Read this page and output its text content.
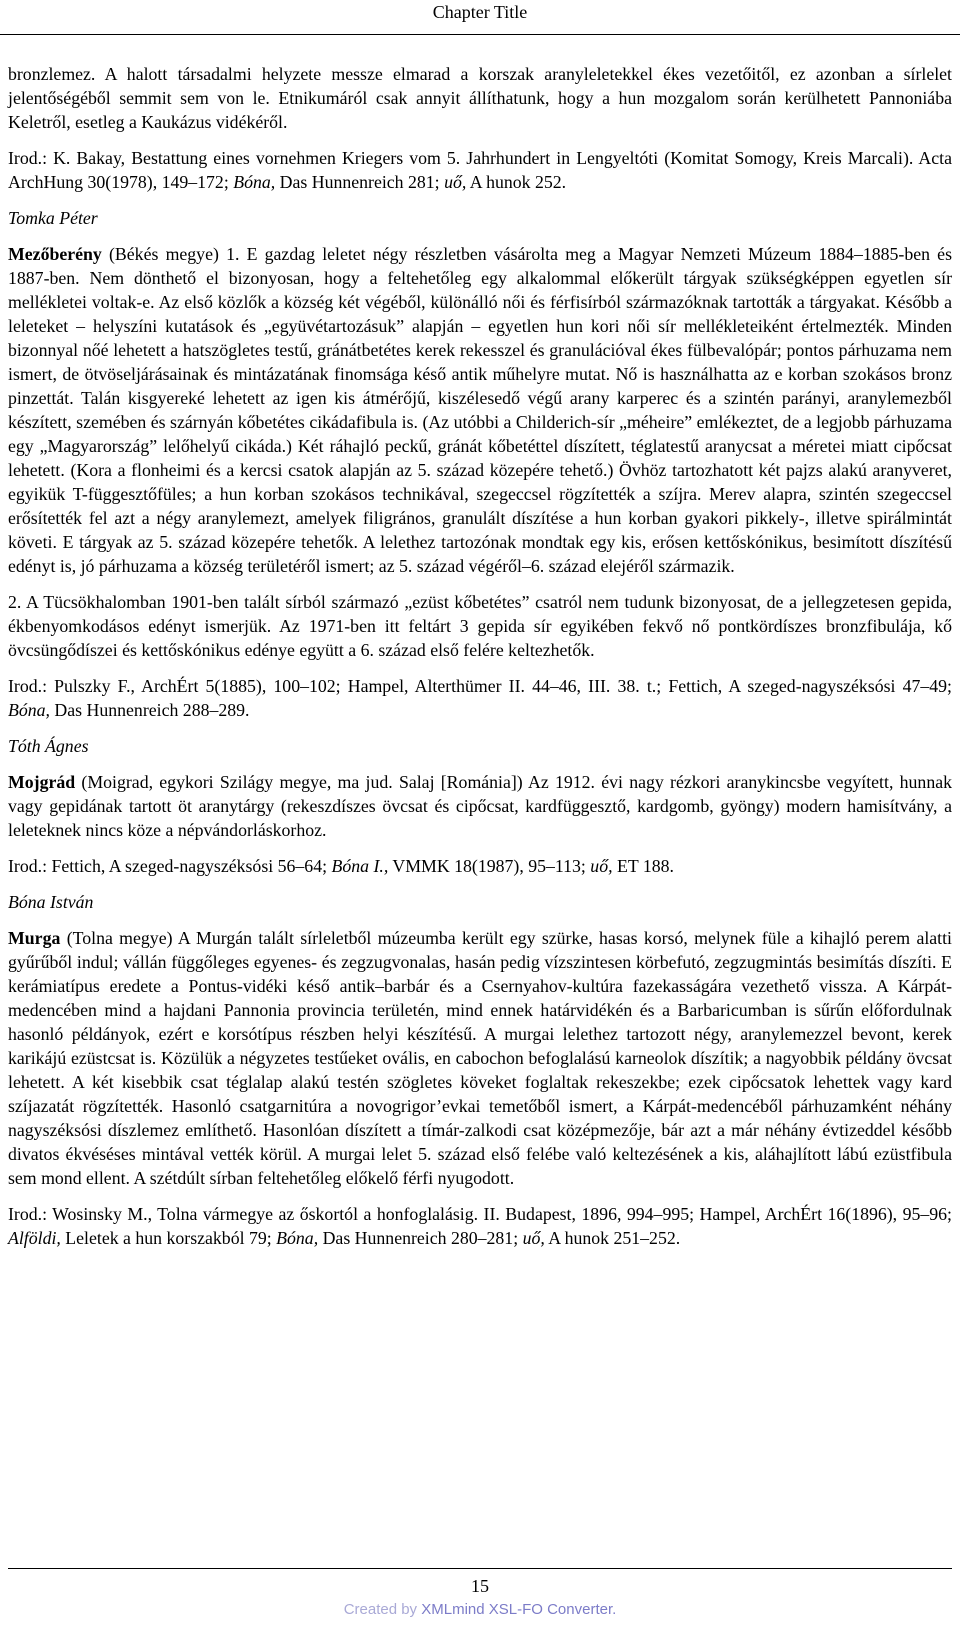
Chapter Title

bronzlemez. A halott társadalmi helyzete messze elmarad a korszak aranyleletekkel ékes vezetőitől, ez azonban a sírlelet jelentőségéből semmit sem von le. Etnikumáról csak annyit állíthatunk, hogy a hun mozgalom során kerülhetett Pannoniába Keletről, esetleg a Kaukázus vidékéről.

Irod.: K. Bakay, Bestattung eines vornehmen Kriegers vom 5. Jahrhundert in Lengyeltóti (Komitat Somogy, Kreis Marcali). Acta ArchHung 30(1978), 149–172; Bóna, Das Hunnenreich 281; uő, A hunok 252.

Tomka Péter

Mezőberény (Békés megye) 1. E gazdag leletet négy részletben vásárolta meg a Magyar Nemzeti Múzeum 1884–1885-ben és 1887-ben. Nem dönthető el bizonyosan, hogy a feltehetőleg egy alkalommal előkerült tárgyak szükségképpen egyetlen sír mellékletei voltak-e. Az első közlők a község két végéből, különálló női és férfisírból származóknak tartották a tárgyakat. Később a leleteket – helyszíni kutatások és „együvétartozásuk” alapján – egyetlen hun kori női sír mellékleteiként értelmezték. Minden bizonnyal nőé lehetett a hatszögletes testű, gránátbetétes kerek rekesszel és granulációval ékes fülbevalópár; pontos párhuzama nem ismert, de ötvöseljárásainak és mintázatának finomsága késő antik műhelyre mutat. Nő is használhatta az e korban szokásos bronz pinzettát. Talán kisgyereké lehetett az igen kis átmérőjű, kiszélesedő végű arany karperec és a szintén parányi, aranylemezből készített, szemében és szárnyán kőbetétes cikádafibula is. (Az utóbbi a Childerich-sír „méheire” emlékeztet, de a legjobb párhuzama egy „Magyarország” lelőhelyű cikáda.) Két ráhajló peckű, gránát kőbetéttel díszített, téglatestű aranycsat a méretei miatt cipőcsat lehetett. (Kora a flonheimi és a kercsi csatok alapján az 5. század közepére tehető.) Övhöz tartozhatott két pajzs alakú aranyveret, egyikük T-függesztőfüles; a hun korban szokásos technikával, szegeccsel rögzítették a szíjra. Merev alapra, szintén szegeccsel erősítették fel azt a négy aranylemezt, amelyek filigrános, granulált díszítése a hun korban gyakori pikkely-, illetve spirálmintát követi. E tárgyak az 5. század közepére tehetők. A lelethez tartozónak mondtak egy kis, erősen kettőskónikus, besimított díszítésű edényt is, jó párhuzama a község területéről ismert; az 5. század végéről–6. század elejéről származik.

2. A Tücsökhalomban 1901-ben talált sírból származó „ezüst kőbetétes” csatról nem tudunk bizonyosat, de a jellegzetesen gepida, ékbenyomkodásos edényt ismerjük. Az 1971-ben itt feltárt 3 gepida sír egyikében fekvő nő pontkördíszes bronzfibulája, kő övcsüngődíszei és kettőskónikus edénye együtt a 6. század első felére keltezhetők.

Irod.: Pulszky F., ArchÉrt 5(1885), 100–102; Hampel, Alterthümer II. 44–46, III. 38. t.; Fettich, A szeged-nagyszéksósi 47–49; Bóna, Das Hunnenreich 288–289.

Tóth Ágnes

Mojgrád (Moigrad, egykori Szilágy megye, ma jud. Salaj [Románia]) Az 1912. évi nagy rézkori aranykincsbe vegyített, hunnak vagy gepidának tartott öt aranytárgy (rekeszdíszes övcsat és cipőcsat, kardfüggesztő, kardgomb, gyöngy) modern hamisítvány, a leleteknek nincs köze a népvándorláskorhoz.

Irod.: Fettich, A szeged-nagyszéksósi 56–64; Bóna I., VMMK 18(1987), 95–113; uő, ET 188.

Bóna István

Murga (Tolna megye) A Murgán talált sírleletből múzeumba került egy szürke, hasas korsó, melynek füle a kihajló perem alatti gyűrűből indul; vállán függőleges egyenes- és zegzugvonalas, hasán pedig vízszintesen körbefutó, zegzugmintás besimítás díszíti. E kerámiatípus eredete a Pontus-vidéki késő antik–barbár és a Csernyahov-kultúra fazekasságára vezethető vissza. A Kárpát-medencében mind a hajdani Pannonia provincia területén, mind ennek határvidékén és a Barbaricumban is sűrűn előfordulnak hasonló példányok, ezért e korsótípus részben helyi készítésű. A murgai lelethez tartozott négy, aranylemezzel bevont, kerek karikájú ezüstcsat is. Közülük a négyzetes testűeket ovális, en cabochon befoglalású karneolok díszítik; a nagyobbik példány övcsat lehetett. A két kisebbik csat téglalap alakú testén szögletes köveket foglaltak rekeszekbe; ezek cipőcsatok lehettek vagy kard szíjazatát rögzítették. Hasonló csatgarnitúra a novogrigor’evkai temetőből ismert, a Kárpát-medencéből párhuzamként néhány nagyszéksósi díszlemez említhető. Hasonlóan díszített a tímár-zalkodi csat középmezője, bár azt a már néhány évtizeddel később divatos ékvéséses mintával vették körül. A murgai lelet 5. század első felébe való keltezésének a kis, aláhajlított lábú ezüstfibula sem mond ellent. A szétdúlt sírban feltehetőleg előkelő férfi nyugodott.

Irod.: Wosinsky M., Tolna vármegye az őskortól a honfoglalásig. II. Budapest, 1896, 994–995; Hampel, ArchÉrt 16(1896), 95–96; Alföldi, Leletek a hun korszakból 79; Bóna, Das Hunnenreich 280–281; uő, A hunok 251–252.

15
Created by XMLmind XSL-FO Converter.
